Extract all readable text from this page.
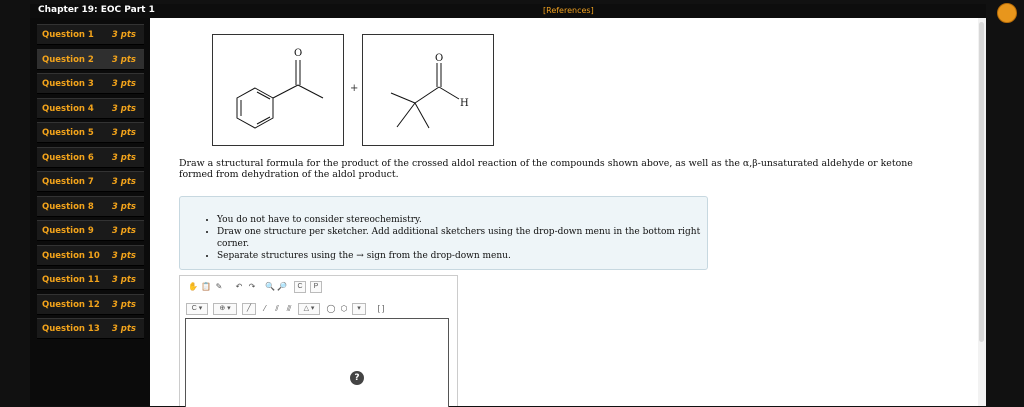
Chapter 19: EOC Part 1	[References]
Question 1 3 pts
Question 2 3 pts
Question 3 3 pts
Question 4 3 pts
Question 5 3 pts
Question 6 3 pts
Question 7 3 pts
Question 8 3 pts
Question 9 3 pts
Question 10 3 pts
Question 11 3 pts
Question 12 3 pts
Question 13 3 pts
O
+
O
H
Draw a structural formula for the product of the crossed aldol reaction of the compounds shown above, as well as the α,β-unsaturated aldehyde or ketone formed from dehydration of the aldol product.
• You do not have to consider stereochemistry.
• Draw one structure per sketcher. Add additional sketchers using the drop-down menu in the bottom right corner.
• Separate structures using the → sign from the drop-down menu.
✋ 📋 ✎ ↶ ↷ 🔍 🔎	C	P
C ▾	⊕ ▾	╱	⁄	⫽ ⫻	△ ▾	◯ ⬡	▾	[ ]
?
